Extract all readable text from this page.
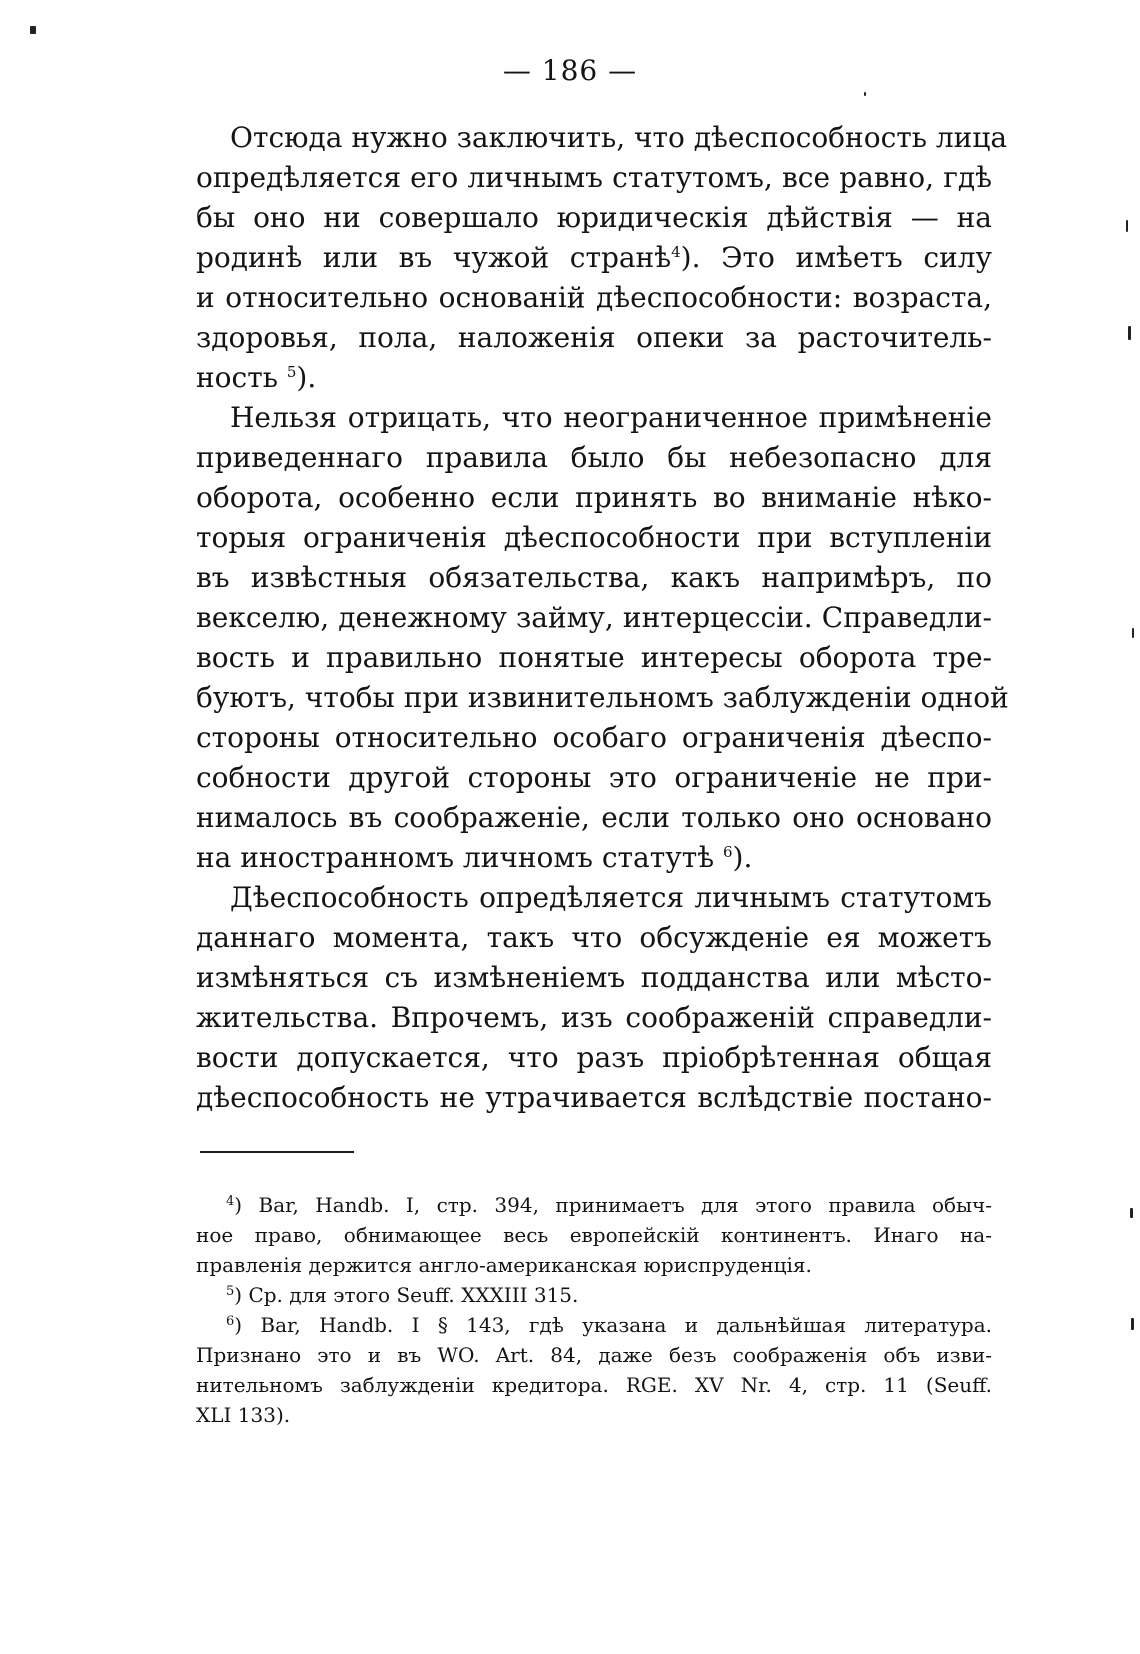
— 186 —
Отсюда нужно заключить, что дѣеспособность лица
опредѣляется его личнымъ статутомъ, все равно, гдѣ
бы оно ни совершало юридическія дѣйствія — на
родинѣ или въ чужой странѣ$^4$). Это имѣетъ силу
и относительно основаній дѣеспособности: возраста,
здоровья, пола, наложенія опеки за расточитель-
ность $^5$).
Нельзя отрицать, что неограниченное примѣненіе
приведеннаго правила было бы небезопасно для
оборота, особенно если принять во вниманіе нѣко-
торыя ограниченія дѣеспособности при вступленіи
въ извѣстныя обязательства, какъ напримѣръ, по
векселю, денежному займу, интерцессіи. Справедли-
вость и правильно понятые интересы оборота тре-
буютъ, чтобы при извинительномъ заблужденіи одной
стороны относительно особаго ограниченія дѣеспо-
собности другой стороны это ограниченіе не при-
нималось въ соображеніе, если только оно основано
на иностранномъ личномъ статутѣ $^6$).
Дѣеспособность опредѣляется личнымъ статутомъ
даннаго момента, такъ что обсужденіе ея можетъ
измѣняться съ измѣненіемъ подданства или мѣсто-
жительства. Впрочемъ, изъ соображеній справедли-
вости допускается, что разъ пріобрѣтенная общая
дѣеспособность не утрачивается вслѣдствіе постано-
$^4$) Bar, Handb. I, стр. 394, принимаетъ для этого правила обыч-
ное право, обнимающее весь европейскій континентъ. Инаго на-
правленія держится англо-американская юриспруденція.
$^5$) Ср. для этого Seuff. XXXIII 315.
$^6$) Bar, Handb. I § 143, гдѣ указана и дальнѣйшая литература.
Признано это и въ WO. Art. 84, даже безъ соображенія объ изви-
нительномъ заблужденіи кредитора. RGE. XV Nr. 4, стр. 11 (Seuff.
XLI 133).
